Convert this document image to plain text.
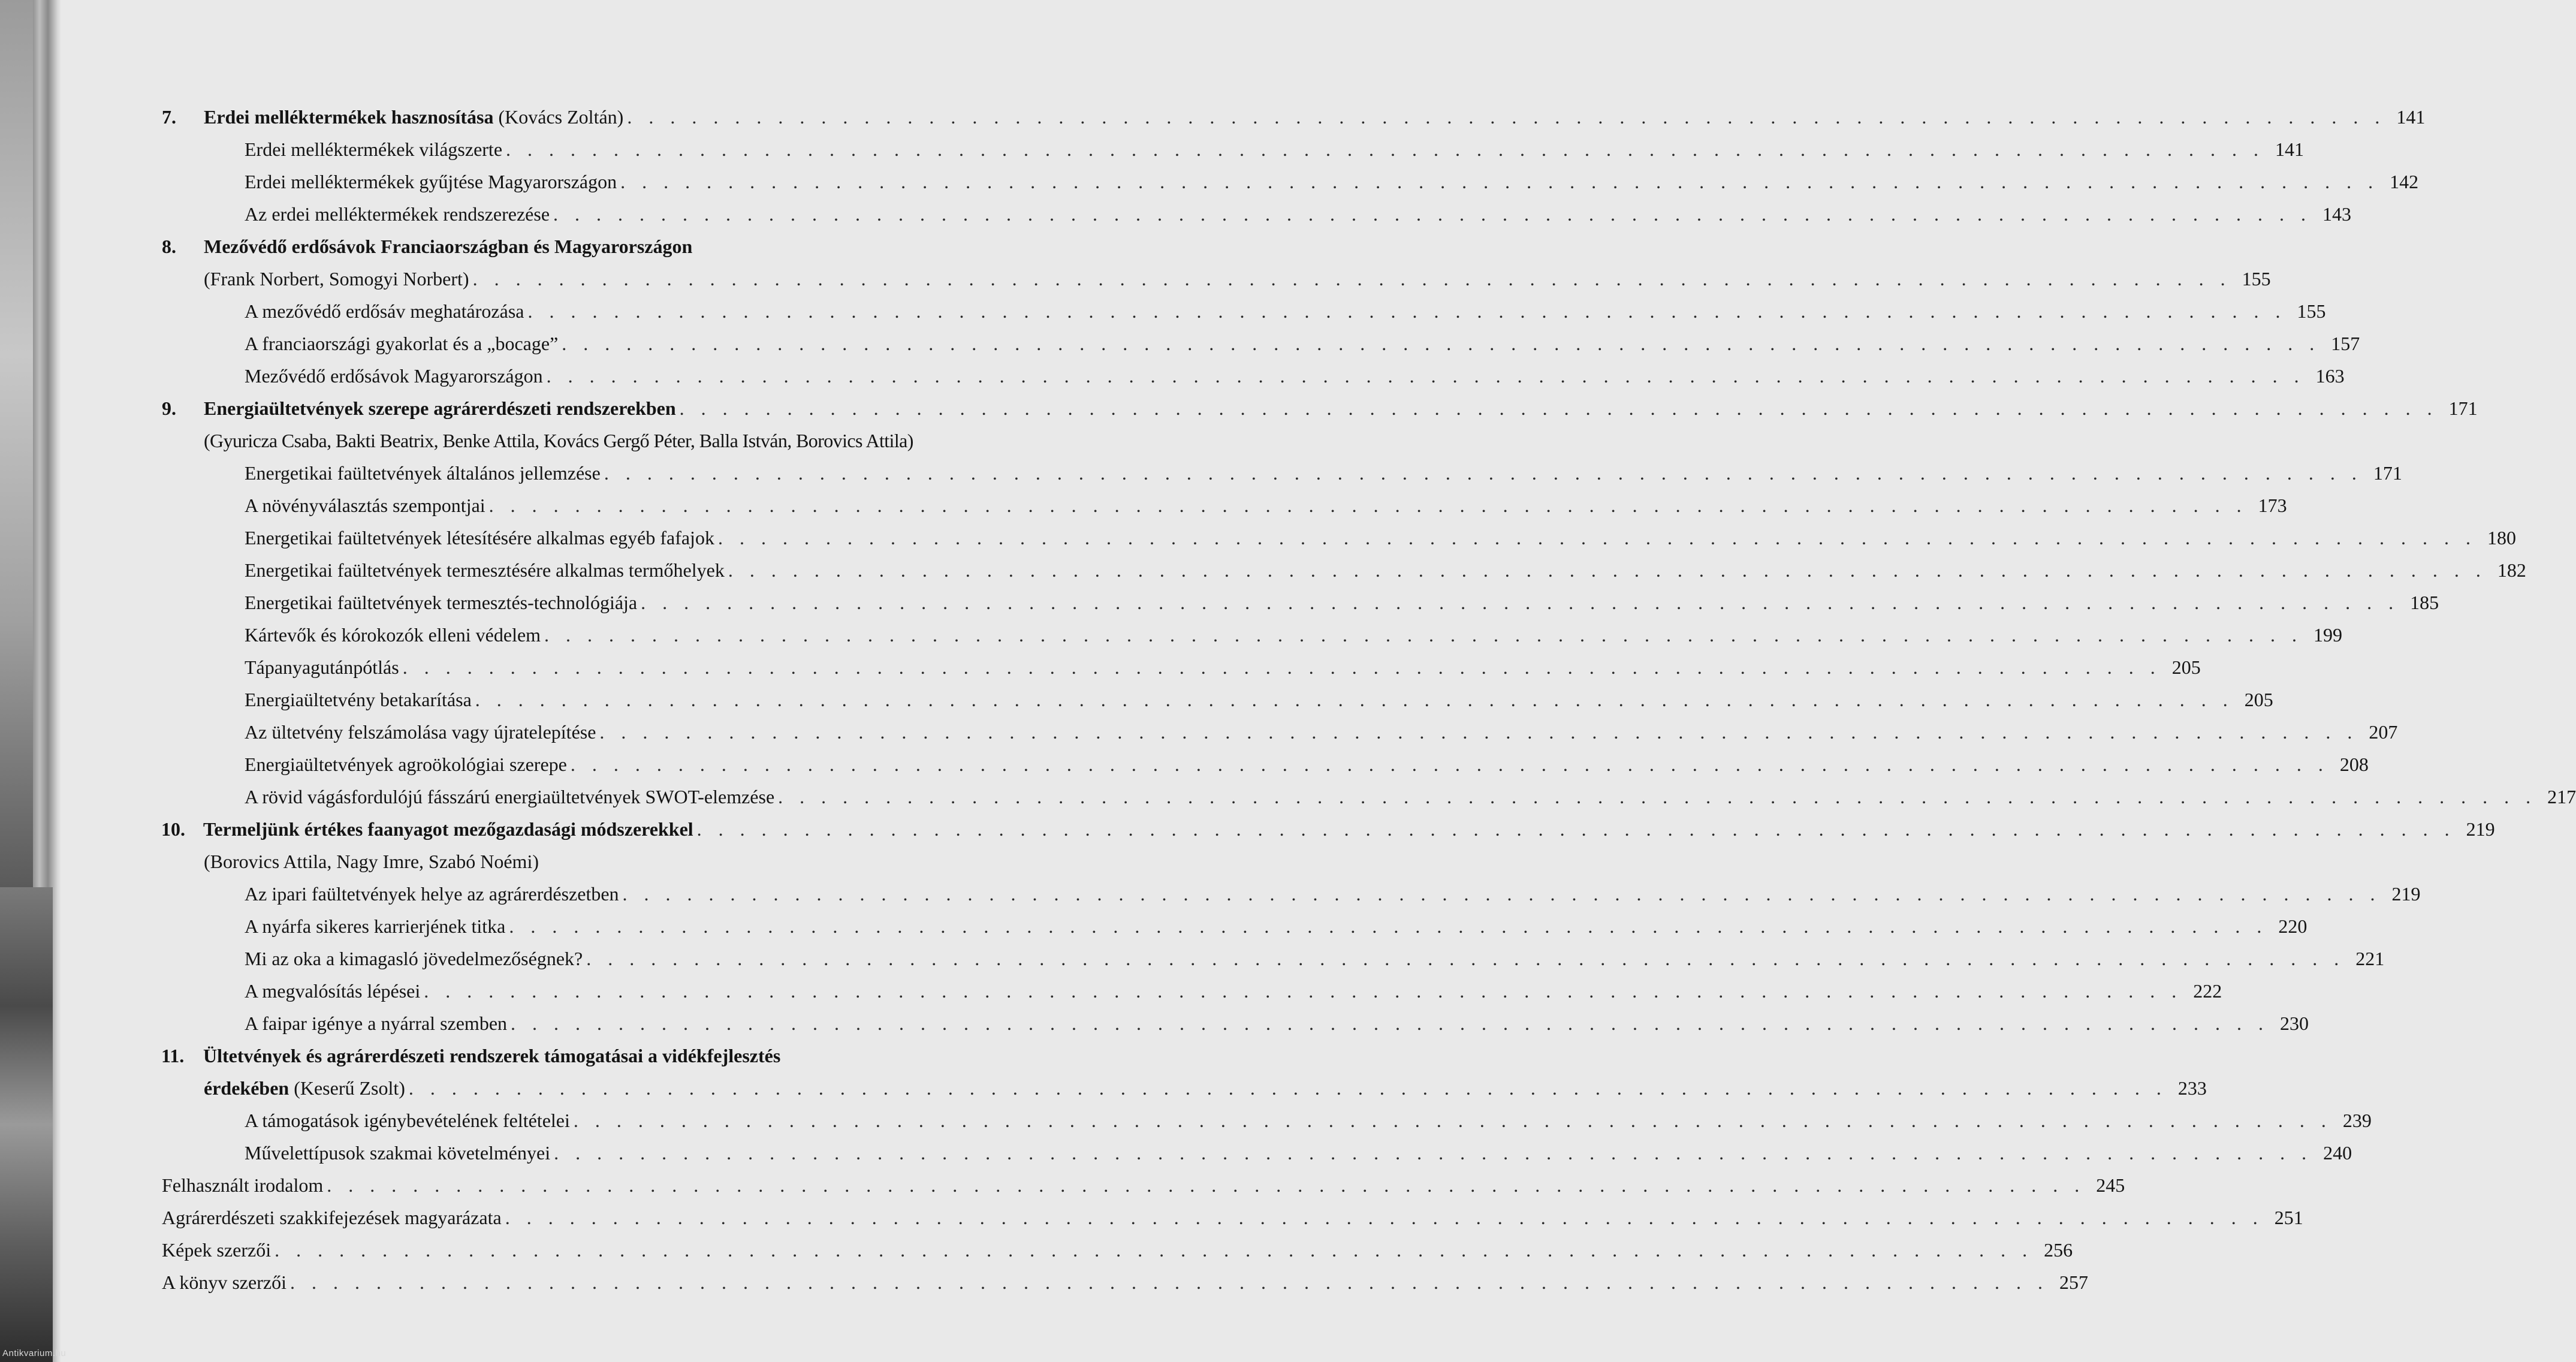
7.	Erdei melléktermékek hasznosítása (Kovács Zoltán) . . . . . . . . . . . . . . . . . . . . . . . . . . . . . . . . . . . . . . . . . . . . . . . . . . . . . . . . . . . . . . . . . . . . . . . . . . . . . . . . . . 141
Erdei melléktermékek világszerte . . . . . . . . . . . . . . . . . . . . . . . . . . . . . . . . . . . . . . . . . . . . . . . . . . . . . . . . . . . . . . . . . . . . . . . . . . . . . . . . . . 141
Erdei melléktermékek gyűjtése Magyarországon . . . . . . . . . . . . . . . . . . . . . . . . . . . . . . . . . . . . . . . . . . . . . . . . . . . . . . . . . . . . . . . . . . . . . . . . . . . . . . . . . . 142
Az erdei melléktermékek rendszerezése . . . . . . . . . . . . . . . . . . . . . . . . . . . . . . . . . . . . . . . . . . . . . . . . . . . . . . . . . . . . . . . . . . . . . . . . . . . . . . . . . . 143
8.	Mezővédő erdősávok Franciaországban és Magyarországon
(Frank Norbert, Somogyi Norbert) . . . . . . . . . . . . . . . . . . . . . . . . . . . . . . . . . . . . . . . . . . . . . . . . . . . . . . . . . . . . . . . . . . . . . . . . . . . . . . . . . . 155
A mezővédő erdősáv meghatározása . . . . . . . . . . . . . . . . . . . . . . . . . . . . . . . . . . . . . . . . . . . . . . . . . . . . . . . . . . . . . . . . . . . . . . . . . . . . . . . . . . 155
A franciaországi gyakorlat és a „bocage” . . . . . . . . . . . . . . . . . . . . . . . . . . . . . . . . . . . . . . . . . . . . . . . . . . . . . . . . . . . . . . . . . . . . . . . . . . . . . . . . . . 157
Mezővédő erdősávok Magyarországon . . . . . . . . . . . . . . . . . . . . . . . . . . . . . . . . . . . . . . . . . . . . . . . . . . . . . . . . . . . . . . . . . . . . . . . . . . . . . . . . . . 163
9.	Energiaültetvények szerepe agrárerdészeti rendszerekben . . . . . . . . . . . . . . . . . . . . . . . . . . . . . . . . . . . . . . . . . . . . . . . . . . . . . . . . . . . . . . . . . . . . . . . . . . . . . . . . . . 171
(Gyuricza Csaba, Bakti Beatrix, Benke Attila, Kovács Gergő Péter, Balla István, Borovics Attila)
Energetikai faültetvények általános jellemzése . . . . . . . . . . . . . . . . . . . . . . . . . . . . . . . . . . . . . . . . . . . . . . . . . . . . . . . . . . . . . . . . . . . . . . . . . . . . . . . . . . 171
A növényválasztás szempontjai . . . . . . . . . . . . . . . . . . . . . . . . . . . . . . . . . . . . . . . . . . . . . . . . . . . . . . . . . . . . . . . . . . . . . . . . . . . . . . . . . . 173
Energetikai faültetvények létesítésére alkalmas egyéb fafajok . . . . . . . . . . . . . . . . . . . . . . . . . . . . . . . . . . . . . . . . . . . . . . . . . . . . . . . . . . . . . . . . . . . . . . . . . . . . . . . . . . 180
Energetikai faültetvények termesztésére alkalmas termőhelyek . . . . . . . . . . . . . . . . . . . . . . . . . . . . . . . . . . . . . . . . . . . . . . . . . . . . . . . . . . . . . . . . . . . . . . . . . . . . . . . . . . 182
Energetikai faültetvények termesztés-technológiája . . . . . . . . . . . . . . . . . . . . . . . . . . . . . . . . . . . . . . . . . . . . . . . . . . . . . . . . . . . . . . . . . . . . . . . . . . . . . . . . . . 185
Kártevők és kórokozók elleni védelem . . . . . . . . . . . . . . . . . . . . . . . . . . . . . . . . . . . . . . . . . . . . . . . . . . . . . . . . . . . . . . . . . . . . . . . . . . . . . . . . . . 199
Tápanyagutánpótlás . . . . . . . . . . . . . . . . . . . . . . . . . . . . . . . . . . . . . . . . . . . . . . . . . . . . . . . . . . . . . . . . . . . . . . . . . . . . . . . . . . 205
Energiaültetvény betakarítása . . . . . . . . . . . . . . . . . . . . . . . . . . . . . . . . . . . . . . . . . . . . . . . . . . . . . . . . . . . . . . . . . . . . . . . . . . . . . . . . . . 205
Az ültetvény felszámolása vagy újratelepítése . . . . . . . . . . . . . . . . . . . . . . . . . . . . . . . . . . . . . . . . . . . . . . . . . . . . . . . . . . . . . . . . . . . . . . . . . . . . . . . . . . 207
Energiaültetvények agroökológiai szerepe . . . . . . . . . . . . . . . . . . . . . . . . . . . . . . . . . . . . . . . . . . . . . . . . . . . . . . . . . . . . . . . . . . . . . . . . . . . . . . . . . . 208
A rövid vágásfordulójú fásszárú energiaültetvények SWOT-elemzése . . . . . . . . . . . . . . . . . . . . . . . . . . . . . . . . . . . . . . . . . . . . . . . . . . . . . . . . . . . . . . . . . . . . . . . . . . . . . . . . . . 217
10. Termeljünk értékes faanyagot mezőgazdasági módszerekkel . . . . . . . . . . . . . . . . . . . . . . . . . . . . . . . . . . . . . . . . . . . . . . . . . . . . . . . . . . . . . . . . . . . . . . . . . . . . . . . . . . 219
(Borovics Attila, Nagy Imre, Szabó Noémi)
Az ipari faültetvények helye az agrárerdészetben . . . . . . . . . . . . . . . . . . . . . . . . . . . . . . . . . . . . . . . . . . . . . . . . . . . . . . . . . . . . . . . . . . . . . . . . . . . . . . . . . . 219
A nyárfa sikeres karrierjének titka . . . . . . . . . . . . . . . . . . . . . . . . . . . . . . . . . . . . . . . . . . . . . . . . . . . . . . . . . . . . . . . . . . . . . . . . . . . . . . . . . . 220
Mi az oka a kimagasló jövedelmezőségnek? . . . . . . . . . . . . . . . . . . . . . . . . . . . . . . . . . . . . . . . . . . . . . . . . . . . . . . . . . . . . . . . . . . . . . . . . . . . . . . . . . . 221
A megvalósítás lépései . . . . . . . . . . . . . . . . . . . . . . . . . . . . . . . . . . . . . . . . . . . . . . . . . . . . . . . . . . . . . . . . . . . . . . . . . . . . . . . . . . 222
A faipar igénye a nyárral szemben . . . . . . . . . . . . . . . . . . . . . . . . . . . . . . . . . . . . . . . . . . . . . . . . . . . . . . . . . . . . . . . . . . . . . . . . . . . . . . . . . . 230
11. Ültetvények és agrárerdészeti rendszerek támogatásai a vidékfejlesztés
érdekében (Keserű Zsolt) . . . . . . . . . . . . . . . . . . . . . . . . . . . . . . . . . . . . . . . . . . . . . . . . . . . . . . . . . . . . . . . . . . . . . . . . . . . . . . . . . . 233
A támogatások igénybevételének feltételei . . . . . . . . . . . . . . . . . . . . . . . . . . . . . . . . . . . . . . . . . . . . . . . . . . . . . . . . . . . . . . . . . . . . . . . . . . . . . . . . . . 239
Művelettípusok szakmai követelményei . . . . . . . . . . . . . . . . . . . . . . . . . . . . . . . . . . . . . . . . . . . . . . . . . . . . . . . . . . . . . . . . . . . . . . . . . . . . . . . . . . 240
Felhasznált irodalom . . . . . . . . . . . . . . . . . . . . . . . . . . . . . . . . . . . . . . . . . . . . . . . . . . . . . . . . . . . . . . . . . . . . . . . . . . . . . . . . . . 245
Agrárerdészeti szakkifejezések magyarázata . . . . . . . . . . . . . . . . . . . . . . . . . . . . . . . . . . . . . . . . . . . . . . . . . . . . . . . . . . . . . . . . . . . . . . . . . . . . . . . . . . 251
Képek szerzői . . . . . . . . . . . . . . . . . . . . . . . . . . . . . . . . . . . . . . . . . . . . . . . . . . . . . . . . . . . . . . . . . . . . . . . . . . . . . . . . . . 256
A könyv szerzői . . . . . . . . . . . . . . . . . . . . . . . . . . . . . . . . . . . . . . . . . . . . . . . . . . . . . . . . . . . . . . . . . . . . . . . . . . . . . . . . . . 257
Antikvarium.hu
